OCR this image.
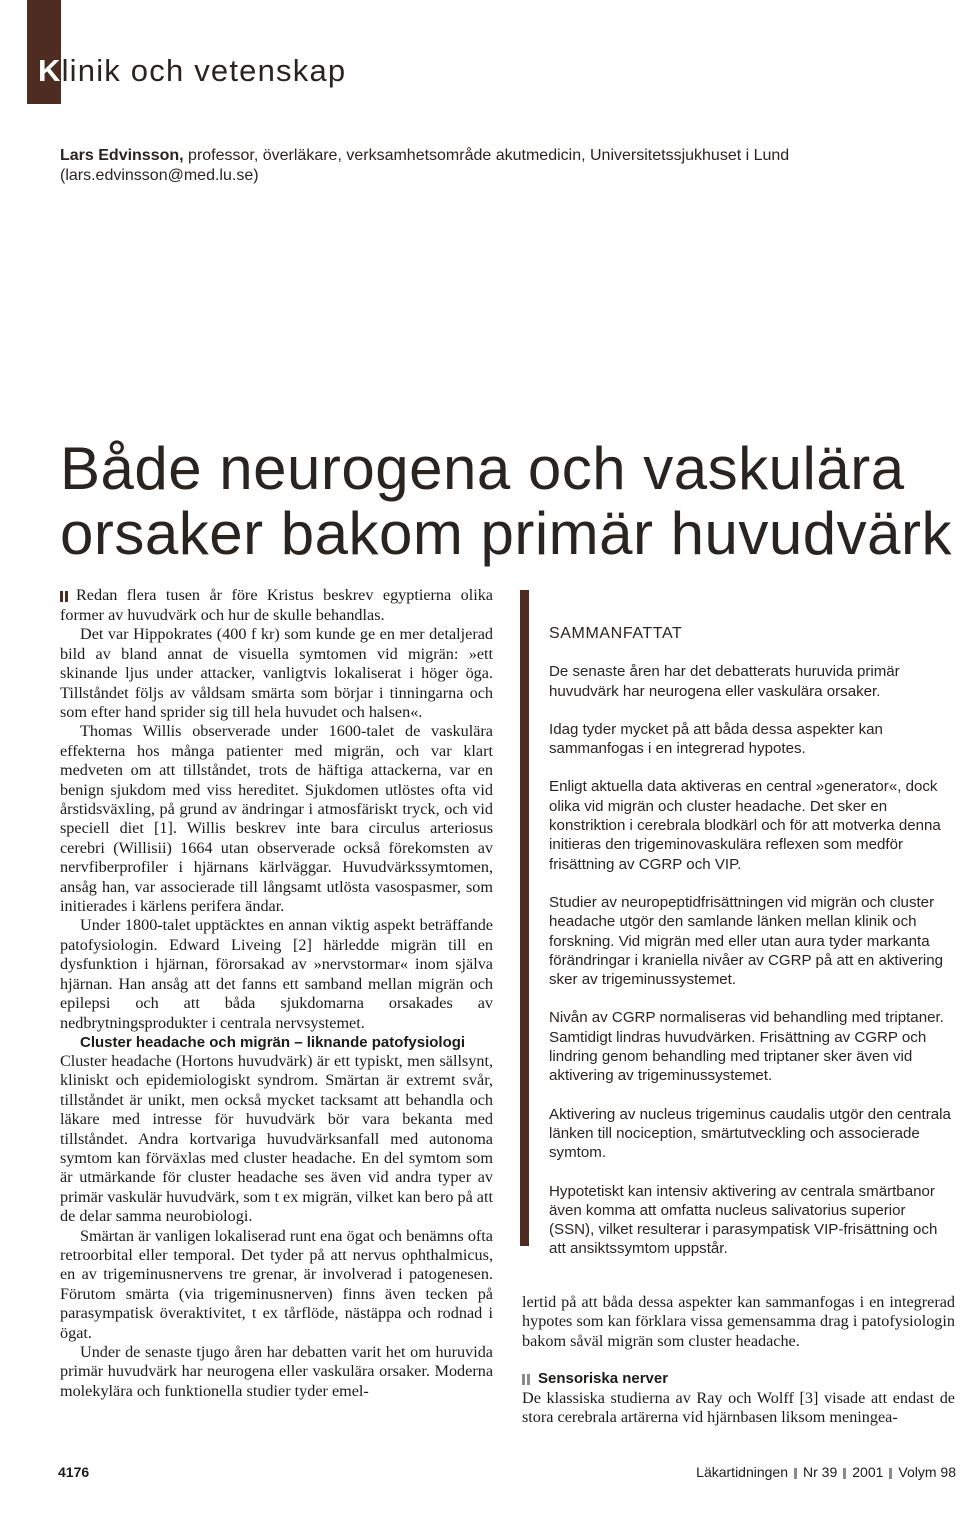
Klinik och vetenskap
Lars Edvinsson, professor, överläkare, verksamhetsområde akutmedicin, Universitetssjukhuset i Lund
(lars.edvinsson@med.lu.se)
Både neurogena och vaskulära
orsaker bakom primär huvudvärk

Redan flera tusen år före Kristus beskrev egyptierna olika former av huvudvärk och hur de skulle behandlas.

Det var Hippokrates (400 f kr) som kunde ge en mer detaljerad bild av bland annat de visuella symtomen vid migrän: »ett skinande ljus under attacker, vanligtvis lokaliserat i höger öga. Tillståndet följs av våldsam smärta som börjar i tinningarna och som efter hand sprider sig till hela huvudet och halsen«.

Thomas Willis observerade under 1600-talet de vaskulära effekterna hos många patienter med migrän, och var klart medveten om att tillståndet, trots de häftiga attackerna, var en benign sjukdom med viss hereditet. Sjukdomen utlöstes ofta vid årstidsväxling, på grund av ändringar i atmosfäriskt tryck, och vid speciell diet [1]. Willis beskrev inte bara circulus arteriosus cerebri (Willisii) 1664 utan observerade också förekomsten av nervfiberprofiler i hjärnans kärlväggar. Huvudvärkssymtomen, ansåg han, var associerade till långsamt utlösta vasospasmer, som initierades i kärlens perifera ändar.

Under 1800-talet upptäcktes en annan viktig aspekt beträffande patofysiologin. Edward Liveing [2] härledde migrän till en dysfunktion i hjärnan, förorsakad av »nervstormar« inom själva hjärnan. Han ansåg att det fanns ett samband mellan migrän och epilepsi och att båda sjukdomarna orsakades av nedbrytningsprodukter i centrala nervsystemet.

Cluster headache och migrän – liknande patofysiologi

Cluster headache (Hortons huvudvärk) är ett typiskt, men sällsynt, kliniskt och epidemiologiskt syndrom. Smärtan är extremt svår, tillståndet är unikt, men också mycket tacksamt att behandla och läkare med intresse för huvudvärk bör vara bekanta med tillståndet. Andra kortvariga huvudvärksanfall med autonoma symtom kan förväxlas med cluster headache. En del symtom som är utmärkande för cluster headache ses även vid andra typer av primär vaskulär huvudvärk, som t ex migrän, vilket kan bero på att de delar samma neurobiologi.

Smärtan är vanligen lokaliserad runt ena ögat och benämns ofta retroorbital eller temporal. Det tyder på att nervus ophthalmicus, en av trigeminusnervens tre grenar, är involverad i patogenesen. Förutom smärta (via trigeminusnerven) finns även tecken på parasympatisk överaktivitet, t ex tårflöde, nästäppa och rodnad i ögat.

Under de senaste tjugo åren har debatten varit het om huruvida primär huvudvärk har neurogena eller vaskulära orsaker. Moderna molekylära och funktionella studier tyder emel-

SAMMANFATTAT

De senaste åren har det debatterats huruvida primär huvudvärk har neurogena eller vaskulära orsaker.

Idag tyder mycket på att båda dessa aspekter kan sammanfogas i en integrerad hypotes.

Enligt aktuella data aktiveras en central »generator«, dock olika vid migrän och cluster headache. Det sker en konstriktion i cerebrala blodkärl och för att motverka denna initieras den trigeminovaskulära reflexen som medför frisättning av CGRP och VIP.

Studier av neuropeptidfrisättningen vid migrän och cluster headache utgör den samlande länken mellan klinik och forskning. Vid migrän med eller utan aura tyder markanta förändringar i kraniella nivåer av CGRP på att en aktivering sker av trigeminussystemet.

Nivån av CGRP normaliseras vid behandling med triptaner. Samtidigt lindras huvudvärken. Frisättning av CGRP och lindring genom behandling med triptaner sker även vid aktivering av trigeminussystemet.

Aktivering av nucleus trigeminus caudalis utgör den centrala länken till nociception, smärtutveckling och associerade symtom.

Hypotetiskt kan intensiv aktivering av centrala smärtbanor även komma att omfatta nucleus salivatorius superior (SSN), vilket resulterar i parasympatisk VIP-frisättning och att ansiktssymtom uppstår.

lertid på att båda dessa aspekter kan sammanfogas i en integrerad hypotes som kan förklara vissa gemensamma drag i patofysiologin bakom såväl migrän som cluster headache.

Sensoriska nerver

De klassiska studierna av Ray och Wolff [3] visade att endast de stora cerebrala artärerna vid hjärnbasen liksom meningea-

4176	Läkartidningen Nr 39 2001 Volym 98
